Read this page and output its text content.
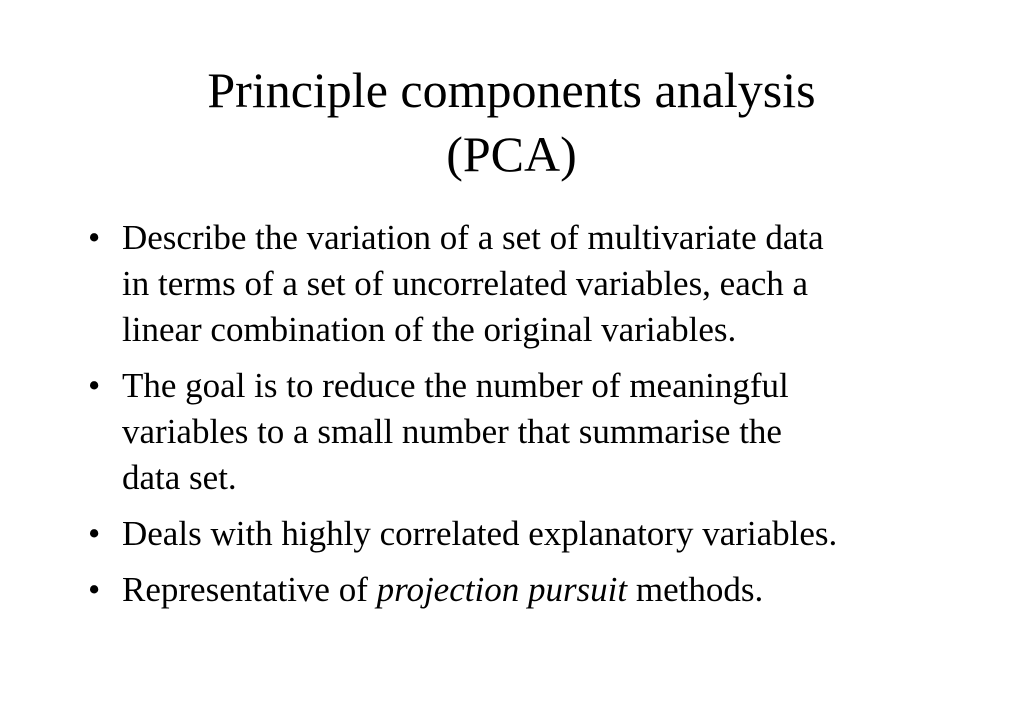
Principle components analysis
(PCA)
• Describe the variation of a set of multivariate data
in terms of a set of uncorrelated variables, each a
linear combination of the original variables.
• The goal is to reduce the number of meaningful
variables to a small number that summarise the
data set.
• Deals with highly correlated explanatory variables.
• Representative of projection pursuit methods.
